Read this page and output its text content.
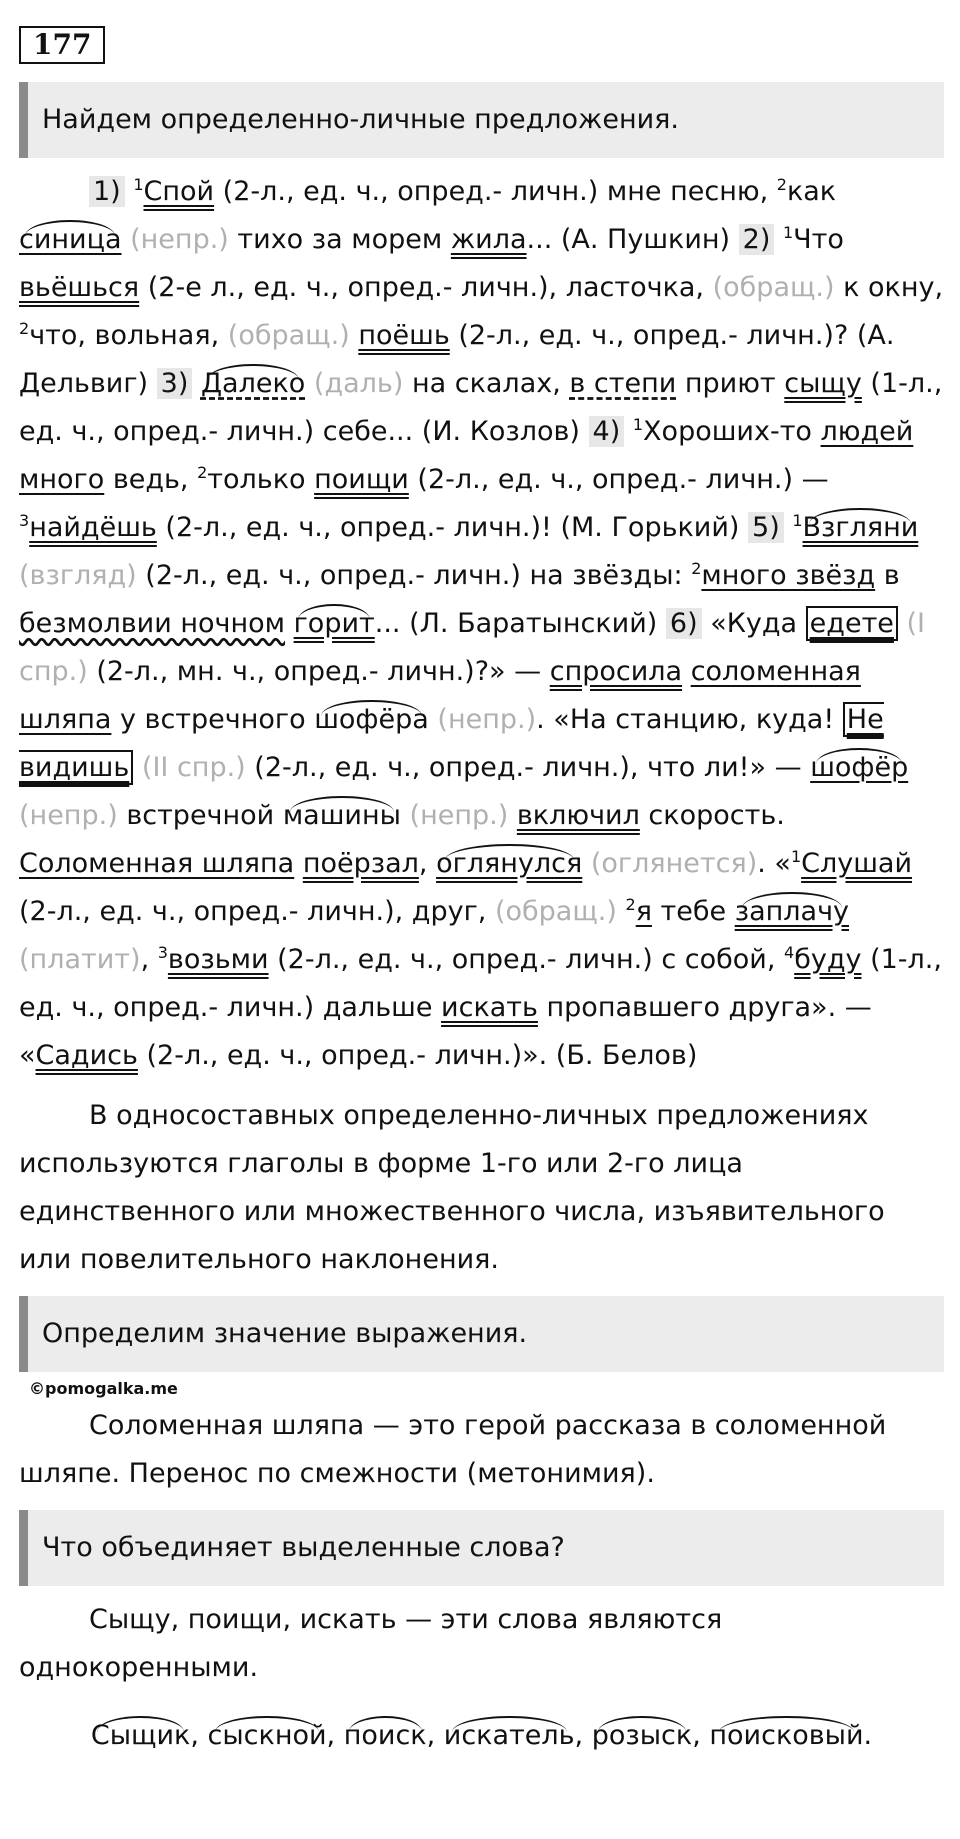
177
Найдем определенно-личные предложения.

1) $^1$Спой (2-л., ед. ч., опред.- личн.) мне песню, $^2$как синица (непр.) тихо за морем жила... (А. Пушкин) 2) $^1$Что вьёшься (2-е л., ед. ч., опред.- личн.), ласточка, (обращ.) к окну, $^2$что, вольная, (обращ.) поёшь (2-л., ед. ч., опред.- личн.)? (А. Дельвиг) 3) Далеко (даль) на скалах, в степи приют сыщу (1-л., ед. ч., опред.- личн.) себе... (И. Козлов) 4) $^1$Хороших-то людей много ведь, $^2$только поищи (2-л., ед. ч., опред.- личн.) — $^3$найдёшь (2-л., ед. ч., опред.- личн.)! (М. Горький) 5) $^1$Взгляни (взгляд) (2-л., ед. ч., опред.- личн.) на звёзды: $^2$много звёзд в безмолвии ночном горит... (Л. Баратынский) 6) «Куда едете (I спр.) (2-л., мн. ч., опред.- личн.)?» — спросила соломенная шляпа у встречного шофёра (непр.). «На станцию, куда! Не видишь (II спр.) (2-л., ед. ч., опред.- личн.), что ли!» — шофёр (непр.) встречной машины (непр.) включил скорость. Соломенная шляпа поёрзал, оглянулся (оглянется). «$^1$Слушай (2-л., ед. ч., опред.- личн.), друг, (обращ.) $^2$я тебе заплачу (платит), $^3$возьми (2-л., ед. ч., опред.- личн.) с собой, $^4$буду (1-л., ед. ч., опред.- личн.) дальше искать пропавшего друга». — «Садись (2-л., ед. ч., опред.- личн.)». (Б. Белов)

В односоставных определенно-личных предложениях используются глаголы в форме 1-го или 2-го лица единственного или множественного числа, изъявительного или повелительного наклонения.

Определим значение выражения.
©pomogalka.me

Соломенная шляпа — это герой рассказа в соломенной шляпе. Перенос по смежности (метонимия).

Что объединяет выделенные слова?

Сыщу, поищи, искать — эти слова являются однокоренными.

Сыщик, сыскной, поиск, искатель, розыск, поисковый.
